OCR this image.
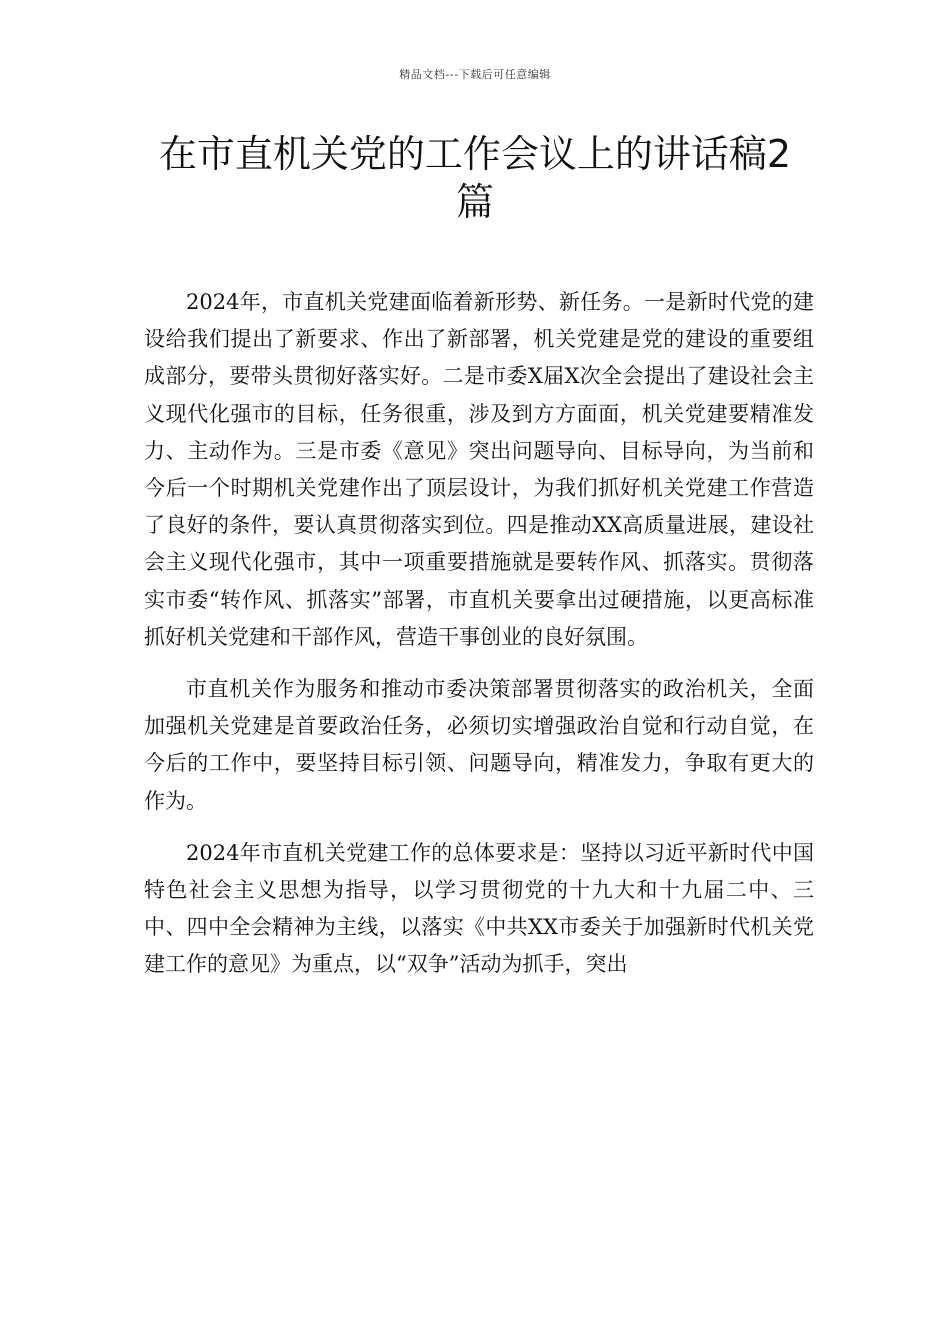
精品文档---下载后可任意编辑
在市直机关党的工作会议上的讲话稿2篇

2024年，市直机关党建面临着新形势、新任务。一是新时代党的建设给我们提出了新要求、作出了新部署，机关党建是党的建设的重要组成部分，要带头贯彻好落实好。二是市委X届X次全会提出了建设社会主义现代化强市的目标，任务很重，涉及到方方面面，机关党建要精准发力、主动作为。三是市委《意见》突出问题导向、目标导向，为当前和今后一个时期机关党建作出了顶层设计，为我们抓好机关党建工作营造了良好的条件，要认真贯彻落实到位。四是推动XX高质量进展，建设社会主义现代化强市，其中一项重要措施就是要转作风、抓落实。贯彻落实市委“转作风、抓落实”部署，市直机关要拿出过硬措施，以更高标准抓好机关党建和干部作风，营造干事创业的良好氛围。

市直机关作为服务和推动市委决策部署贯彻落实的政治机关，全面加强机关党建是首要政治任务，必须切实增强政治自觉和行动自觉，在今后的工作中，要坚持目标引领、问题导向，精准发力，争取有更大的作为。

2024年市直机关党建工作的总体要求是：坚持以习近平新时代中国特色社会主义思想为指导，以学习贯彻党的十九大和十九届二中、三中、四中全会精神为主线，以落实《中共XX市委关于加强新时代机关党建工作的意见》为重点，以“双争”活动为抓手，突出
